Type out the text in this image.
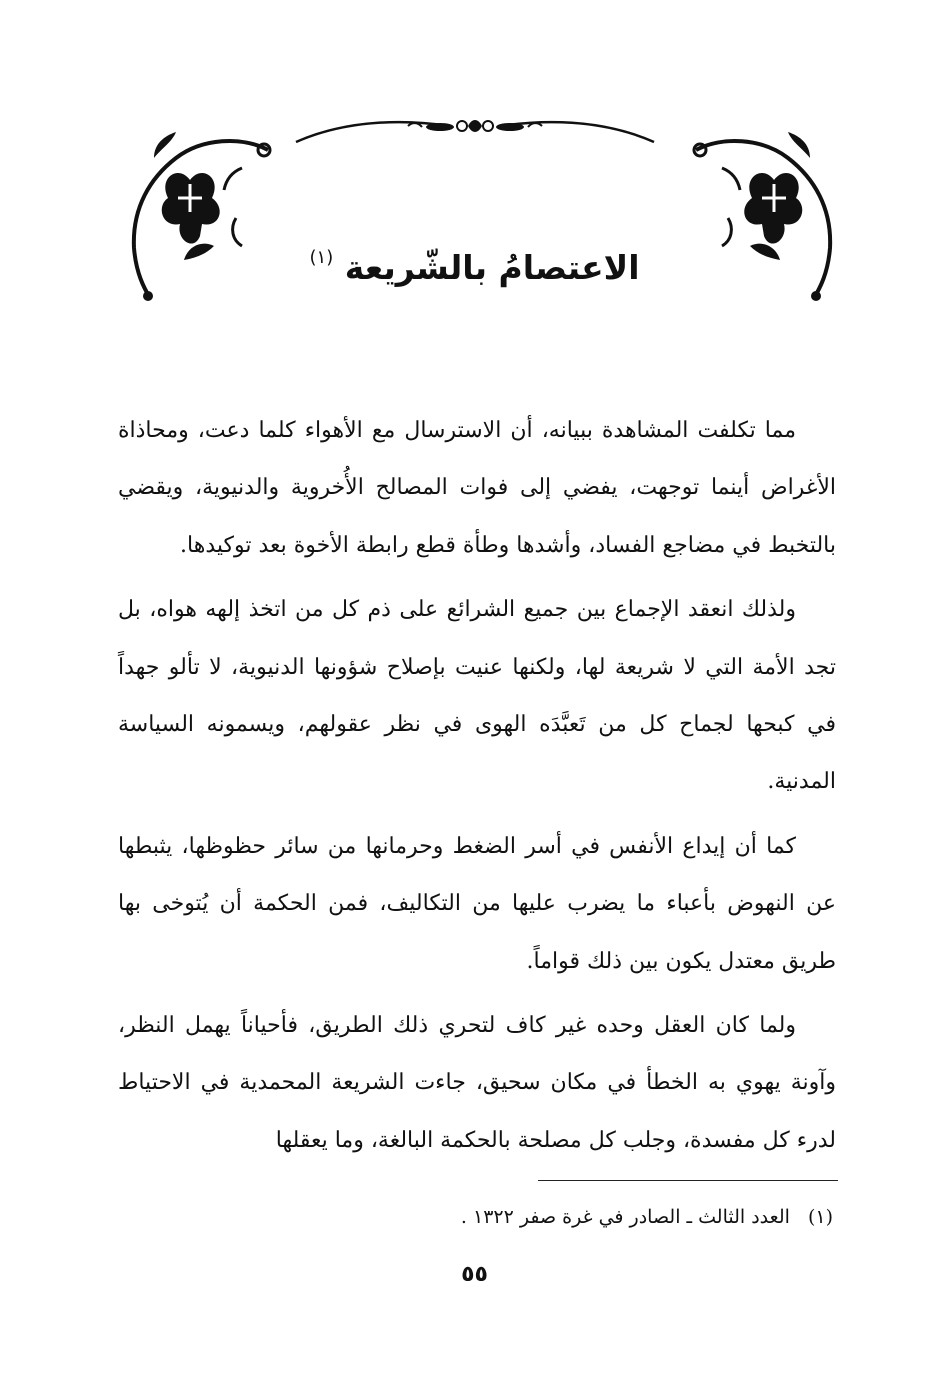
الاعتصامُ بالشّريعة $^{(١)}$

مما تكلفت المشاهدة ببيانه، أن الاسترسال مع الأهواء كلما دعت، ومحاذاة الأغراض أينما توجهت، يفضي إلى فوات المصالح الأُخروية والدنيوية، ويقضي بالتخبط في مضاجع الفساد، وأشدها وطأة قطع رابطة الأخوة بعد توكيدها.

ولذلك انعقد الإجماع بين جميع الشرائع على ذم كل من اتخذ إلهه هواه، بل تجد الأمة التي لا شريعة لها، ولكنها عنيت بإصلاح شؤونها الدنيوية، لا تألو جهداً في كبحها لجماح كل من تَعبَّدَه الهوى في نظر عقولهم، ويسمونه السياسة المدنية.

كما أن إيداع الأنفس في أسر الضغط وحرمانها من سائر حظوظها، يثبطها عن النهوض بأعباء ما يضرب عليها من التكاليف، فمن الحكمة أن يُتوخى بها طريق معتدل يكون بين ذلك قواماً.

ولما كان العقل وحده غير كاف لتحري ذلك الطريق، فأحياناً يهمل النظر، وآونة يهوي به الخطأ في مكان سحيق، جاءت الشريعة المحمدية في الاحتياط لدرء كل مفسدة، وجلب كل مصلحة بالحكمة البالغة، وما يعقلها

(١) العدد الثالث ـ الصادر في غرة صفر ١٣٢٢ .
٥٥
